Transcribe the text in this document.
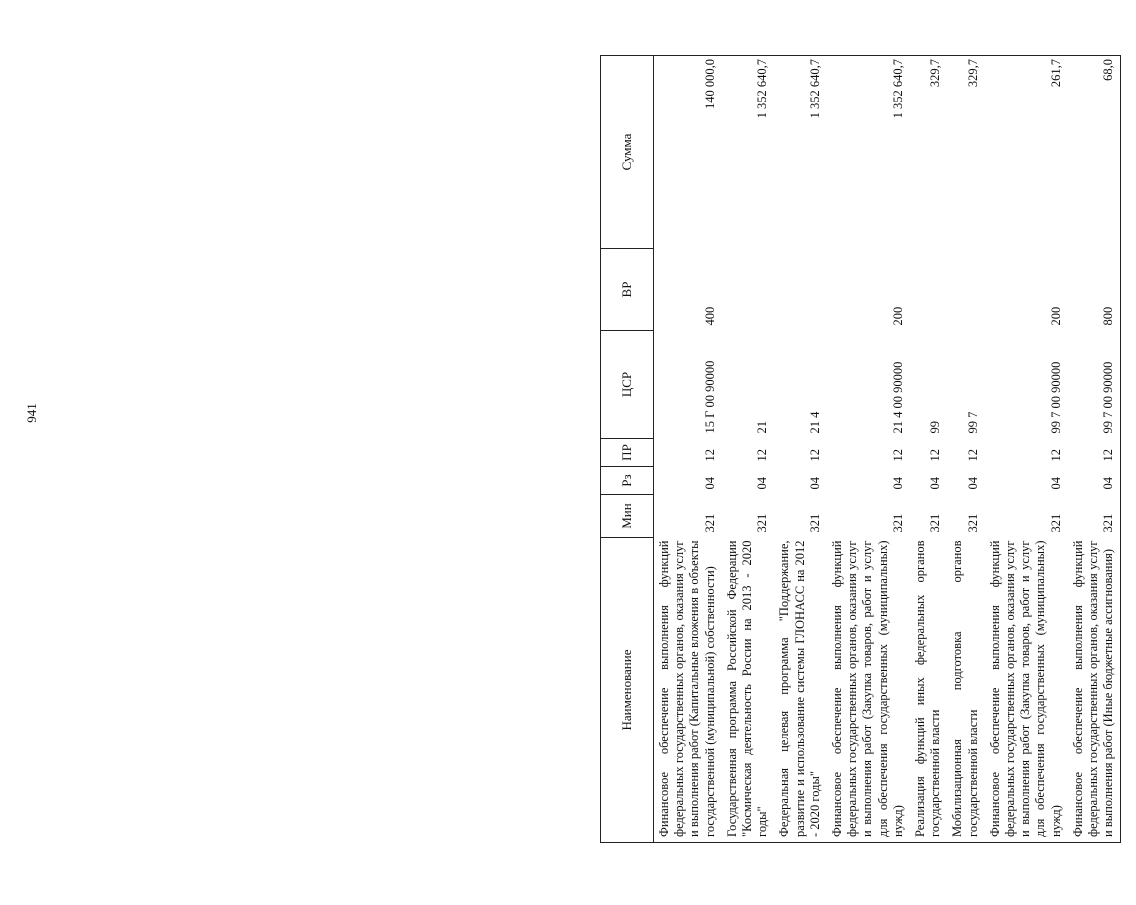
941
Наименование	Мин	Рз	ПР	ЦСР	ВР	Сумма
Финансовое обеспечение выполнения функций федеральных государственных органов, оказания услуг и выполнения работ (Капитальные вложения в объекты государственной (муниципальной) собственности)	321	04	12	15 Г 00 90000	400	140 000,0
Государственная программа Российской Федерации "Космическая деятельность России на 2013 - 2020 годы"	321	04	12	21		1 352 640,7
Федеральная целевая программа "Поддержание, развитие и использование системы ГЛОНАСС на 2012 - 2020 годы"	321	04	12	21 4		1 352 640,7
Финансовое обеспечение выполнения функций федеральных государственных органов, оказания услуг и выполнения работ (Закупка товаров, работ и услуг для обеспечения государственных (муниципальных) нужд)	321	04	12	21 4 00 90000	200	1 352 640,7
Реализация функций иных федеральных органов государственной власти	321	04	12	99		329,7
Мобилизационная подготовка органов государственной власти	321	04	12	99 7		329,7
Финансовое обеспечение выполнения функций федеральных государственных органов, оказания услуг и выполнения работ (Закупка товаров, работ и услуг для обеспечения государственных (муниципальных) нужд)	321	04	12	99 7 00 90000	200	261,7
Финансовое обеспечение выполнения функций федеральных государственных органов, оказания услуг и выполнения работ (Иные бюджетные ассигнования)	321	04	12	99 7 00 90000	800	68,0
